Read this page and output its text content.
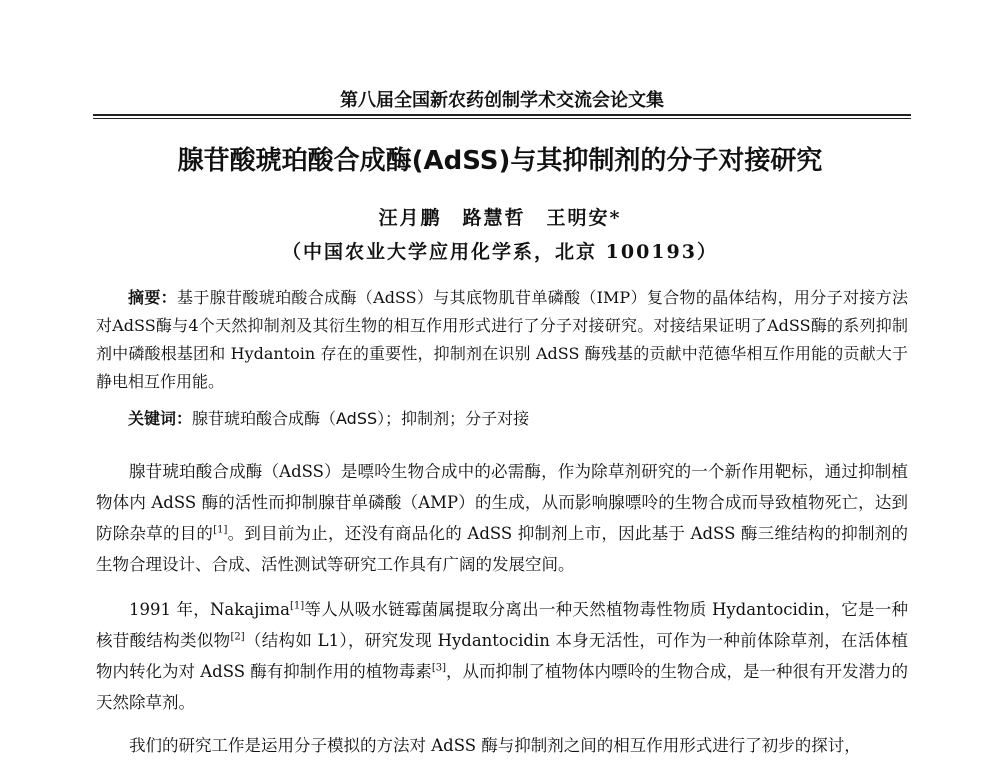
第八届全国新农药创制学术交流会论文集
腺苷酸琥珀酸合成酶(AdSS)与其抑制剂的分子对接研究
汪月鹏　路慧哲　王明安*
（中国农业大学应用化学系，北京 100193）
摘要：基于腺苷酸琥珀酸合成酶（AdSS）与其底物肌苷单磷酸（IMP）复合物的晶体结构，用分子对接方法对AdSS酶与4个天然抑制剂及其衍生物的相互作用形式进行了分子对接研究。对接结果证明了AdSS酶的系列抑制剂中磷酸根基团和 Hydantoin 存在的重要性，抑制剂在识别 AdSS 酶残基的贡献中范德华相互作用能的贡献大于静电相互作用能。
关键词：腺苷琥珀酸合成酶（AdSS）；抑制剂；分子对接
腺苷琥珀酸合成酶（AdSS）是嘌呤生物合成中的必需酶，作为除草剂研究的一个新作用靶标，通过抑制植物体内 AdSS 酶的活性而抑制腺苷单磷酸（AMP）的生成，从而影响腺嘌呤的生物合成而导致植物死亡，达到防除杂草的目的[1]。到目前为止，还没有商品化的 AdSS 抑制剂上市，因此基于 AdSS 酶三维结构的抑制剂的生物合理设计、合成、活性测试等研究工作具有广阔的发展空间。
1991 年，Nakajima[1]等人从吸水链霉菌属提取分离出一种天然植物毒性物质 Hydantocidin，它是一种核苷酸结构类似物[2]（结构如 L1），研究发现 Hydantocidin 本身无活性，可作为一种前体除草剂，在活体植物内转化为对 AdSS 酶有抑制作用的植物毒素[3]，从而抑制了植物体内嘌呤的生物合成，是一种很有开发潜力的天然除草剂。
我们的研究工作是运用分子模拟的方法对 AdSS 酶与抑制剂之间的相互作用形式进行了初步的探讨，
